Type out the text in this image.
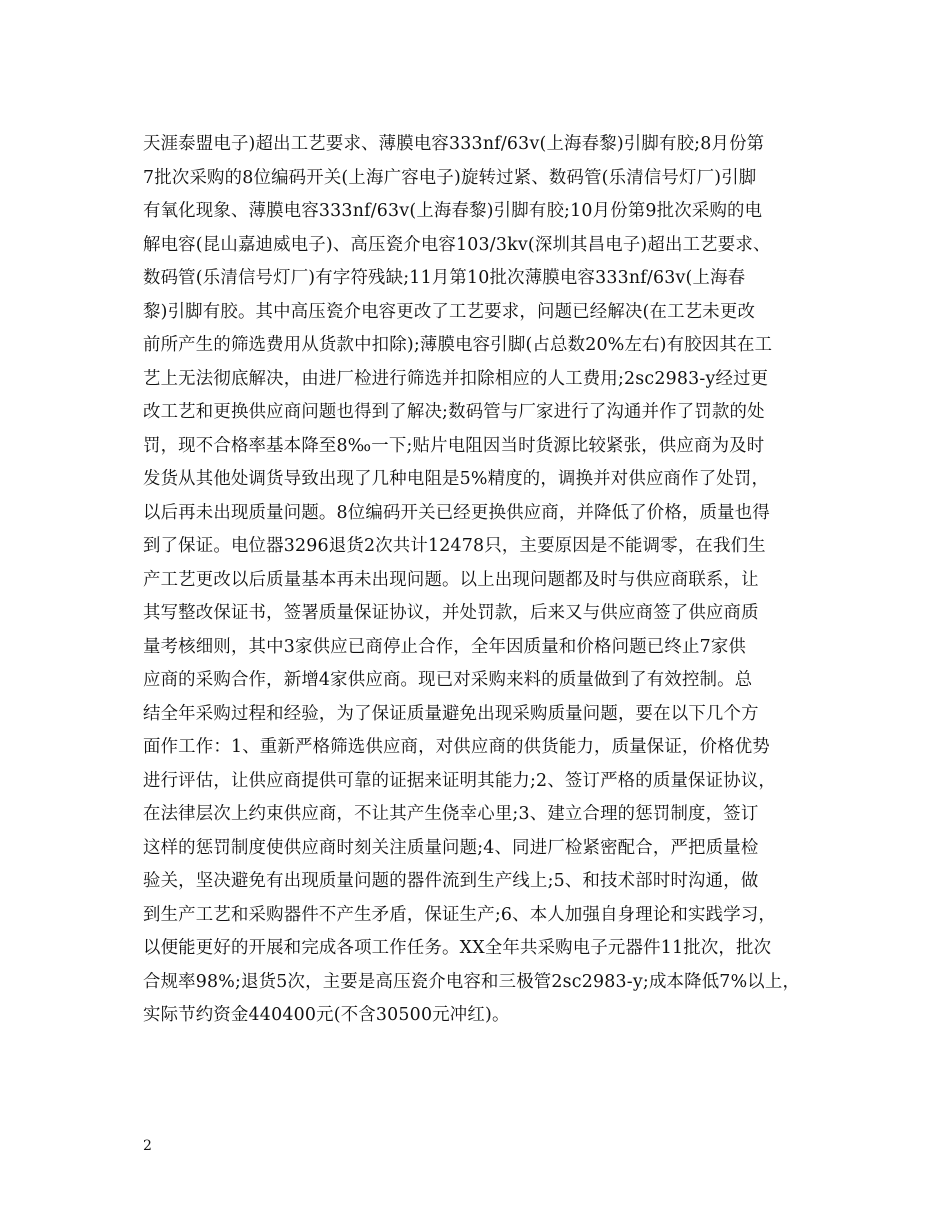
天涯泰盟电子)超出工艺要求、薄膜电容333nf/63v(上海春黎)引脚有胶;8月份第
7批次采购的8位编码开关(上海广容电子)旋转过紧、数码管(乐清信号灯厂)引脚
有氧化现象、薄膜电容333nf/63v(上海春黎)引脚有胶;10月份第9批次采购的电
解电容(昆山嘉迪威电子)、高压瓷介电容103/3kv(深圳其昌电子)超出工艺要求、
数码管(乐清信号灯厂)有字符残缺;11月第10批次薄膜电容333nf/63v(上海春
黎)引脚有胶。其中高压瓷介电容更改了工艺要求，问题已经解决(在工艺未更改
前所产生的筛选费用从货款中扣除);薄膜电容引脚(占总数20%左右)有胶因其在工
艺上无法彻底解决，由进厂检进行筛选并扣除相应的人工费用;2sc2983-y经过更
改工艺和更换供应商问题也得到了解决;数码管与厂家进行了沟通并作了罚款的处
罚，现不合格率基本降至8‰一下;贴片电阻因当时货源比较紧张，供应商为及时
发货从其他处调货导致出现了几种电阻是5%精度的，调换并对供应商作了处罚，
以后再未出现质量问题。8位编码开关已经更换供应商，并降低了价格，质量也得
到了保证。电位器3296退货2次共计12478只，主要原因是不能调零，在我们生
产工艺更改以后质量基本再未出现问题。以上出现问题都及时与供应商联系，让
其写整改保证书，签署质量保证协议，并处罚款，后来又与供应商签了供应商质
量考核细则，其中3家供应已商停止合作，全年因质量和价格问题已终止7家供
应商的采购合作，新增4家供应商。现已对采购来料的质量做到了有效控制。总
结全年采购过程和经验，为了保证质量避免出现采购质量问题，要在以下几个方
面作工作：1、重新严格筛选供应商，对供应商的供货能力，质量保证，价格优势
进行评估，让供应商提供可靠的证据来证明其能力;2、签订严格的质量保证协议，
在法律层次上约束供应商，不让其产生侥幸心里;3、建立合理的惩罚制度，签订
这样的惩罚制度使供应商时刻关注质量问题;4、同进厂检紧密配合，严把质量检
验关，坚决避免有出现质量问题的器件流到生产线上;5、和技术部时时沟通，做
到生产工艺和采购器件不产生矛盾，保证生产;6、本人加强自身理论和实践学习，
以便能更好的开展和完成各项工作任务。XX全年共采购电子元器件11批次，批次
合规率98%;退货5次，主要是高压瓷介电容和三极管2sc2983-y;成本降低7%以上，
实际节约资金440400元(不含30500元冲红)。
2
